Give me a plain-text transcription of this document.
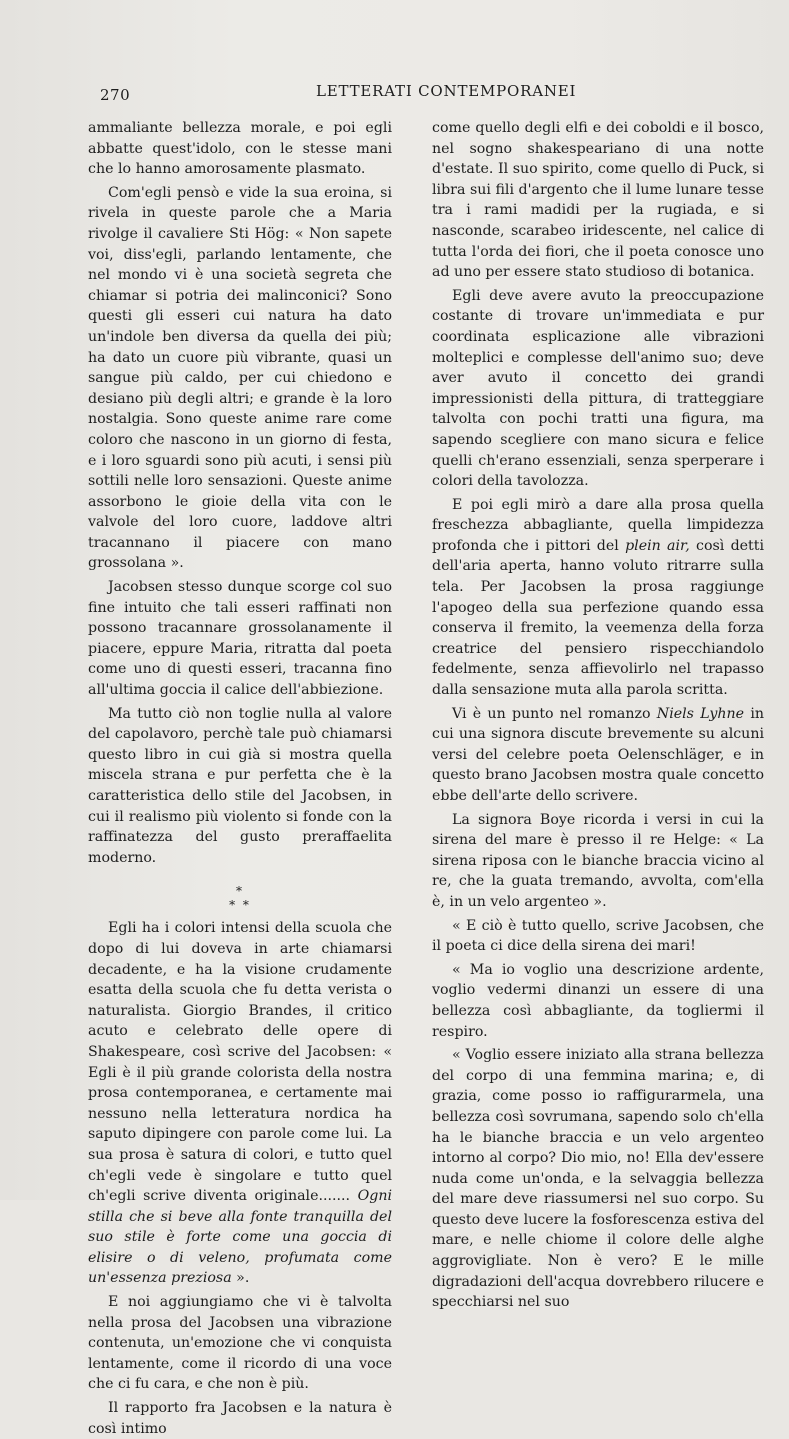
270	LETTERATI CONTEMPORANEI

ammaliante bellezza morale, e poi egli abbatte quest'idolo, con le stesse mani che lo hanno amorosamente plasmato.

Com'egli pensò e vide la sua eroina, si rivela in queste parole che a Maria rivolge il cavaliere Sti Hög: « Non sapete voi, diss'egli, parlando lentamente, che nel mondo vi è una società segreta che chiamar si potria dei malinconici? Sono questi gli esseri cui natura ha dato un'indole ben diversa da quella dei più; ha dato un cuore più vibrante, quasi un sangue più caldo, per cui chiedono e desiano più degli altri; e grande è la loro nostalgia. Sono queste anime rare come coloro che nascono in un giorno di festa, e i loro sguardi sono più acuti, i sensi più sottili nelle loro sensazioni. Queste anime assorbono le gioie della vita con le valvole del loro cuore, laddove altri tracannano il piacere con mano grossolana ».

Jacobsen stesso dunque scorge col suo fine intuito che tali esseri raffinati non possono tracannare grossolanamente il piacere, eppure Maria, ritratta dal poeta come uno di questi esseri, tracanna fino all'ultima goccia il calice dell'abbiezione.

Ma tutto ciò non toglie nulla al valore del capolavoro, perchè tale può chiamarsi questo libro in cui già si mostra quella miscela strana e pur perfetta che è la caratteristica dello stile del Jacobsen, in cui il realismo più violento si fonde con la raffinatezza del gusto preraffaelita moderno.

*
* *

Egli ha i colori intensi della scuola che dopo di lui doveva in arte chiamarsi decadente, e ha la visione crudamente esatta della scuola che fu detta verista o naturalista. Giorgio Brandes, il critico acuto e celebrato delle opere di Shakespeare, così scrive del Jacobsen: « Egli è il più grande colorista della nostra prosa contemporanea, e certamente mai nessuno nella letteratura nordica ha saputo dipingere con parole come lui. La sua prosa è satura di colori, e tutto quel ch'egli vede è singolare e tutto quel ch'egli scrive diventa originale....... Ogni stilla che si beve alla fonte tranquilla del suo stile è forte come una goccia di elisire o di veleno, profumata come un'essenza preziosa ».

E noi aggiungiamo che vi è talvolta nella prosa del Jacobsen una vibrazione contenuta, un'emozione che vi conquista lentamente, come il ricordo di una voce che ci fu cara, e che non è più.

Il rapporto fra Jacobsen e la natura è così intimo

come quello degli elfi e dei coboldi e il bosco, nel sogno shakespeariano di una notte d'estate. Il suo spirito, come quello di Puck, si libra sui fili d'argento che il lume lunare tesse tra i rami madidi per la rugiada, e si nasconde, scarabeo iridescente, nel calice di tutta l'orda dei fiori, che il poeta conosce uno ad uno per essere stato studioso di botanica.

Egli deve avere avuto la preoccupazione costante di trovare un'immediata e pur coordinata esplicazione alle vibrazioni molteplici e complesse dell'animo suo; deve aver avuto il concetto dei grandi impressionisti della pittura, di tratteggiare talvolta con pochi tratti una figura, ma sapendo scegliere con mano sicura e felice quelli ch'erano essenziali, senza sperperare i colori della tavolozza.

E poi egli mirò a dare alla prosa quella freschezza abbagliante, quella limpidezza profonda che i pittori del plein air, così detti dell'aria aperta, hanno voluto ritrarre sulla tela. Per Jacobsen la prosa raggiunge l'apogeo della sua perfezione quando essa conserva il fremito, la veemenza della forza creatrice del pensiero rispecchiandolo fedelmente, senza affievolirlo nel trapasso dalla sensazione muta alla parola scritta.

Vi è un punto nel romanzo Niels Lyhne in cui una signora discute brevemente su alcuni versi del celebre poeta Oelenschläger, e in questo brano Jacobsen mostra quale concetto ebbe dell'arte dello scrivere.

La signora Boye ricorda i versi in cui la sirena del mare è presso il re Helge: « La sirena riposa con le bianche braccia vicino al re, che la guata tremando, avvolta, com'ella è, in un velo argenteo ».

« E ciò è tutto quello, scrive Jacobsen, che il poeta ci dice della sirena dei mari!

« Ma io voglio una descrizione ardente, voglio vedermi dinanzi un essere di una bellezza così abbagliante, da togliermi il respiro.

« Voglio essere iniziato alla strana bellezza del corpo di una femmina marina; e, di grazia, come posso io raffigurarmela, una bellezza così sovrumana, sapendo solo ch'ella ha le bianche braccia e un velo argenteo intorno al corpo? Dio mio, no! Ella dev'essere nuda come un'onda, e la selvaggia bellezza del mare deve riassumersi nel suo corpo. Su questo deve lucere la fosforescenza estiva del mare, e nelle chiome il colore delle alghe aggrovigliate. Non è vero? E le mille digradazioni dell'acqua dovrebbero rilucere e specchiarsi nel suo
